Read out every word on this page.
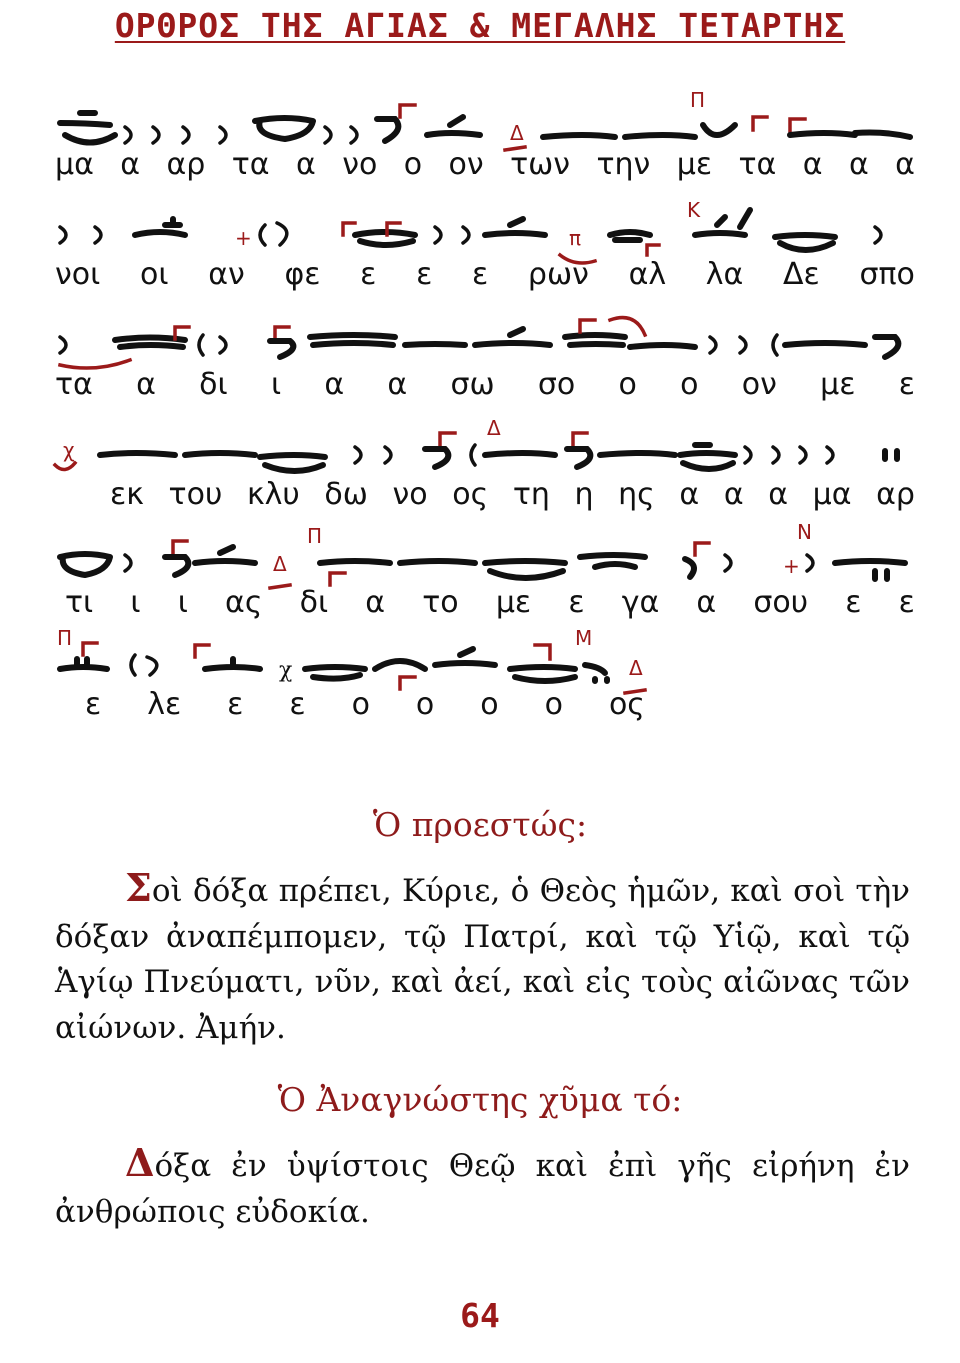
ΟΡΘΡΟΣ ΤΗΣ ΑΓΙΑΣ & ΜΕΓΑΛΗΣ ΤΕΤΑΡΤΗΣ
Δ
Π
μα α αρ τα α νο ο ον των την με τα α α α
+	π
Κ
νοι οι αν φε ε ε ε ρων αλ λα Δε σπο
τα α δι ι α α σω σο ο ο ον με ε
χ
Δ
εκ του κλυ δω νο ος τη η ης α α α μα αρ
Δ
Π
+
Ν
τι ι ι ας δι α το με ε γα α σου ε ε
Π
χ
Μ
Δ
ε λε ε ε ο ο ο ο ος
Ὁ προεστώς:
Σοὶ δόξα πρέπει, Κύριε, ὁ Θεὸς ἡμῶν, καὶ σοὶ τὴν δόξαν ἀναπέμπομεν, τῷ Πατρί, καὶ τῷ Υἱῷ, καὶ τῷ Ἁγίῳ Πνεύματι, νῦν, καὶ ἀεί, καὶ εἰς τοὺς αἰῶνας τῶν αἰώνων. Ἀμήν.
Ὁ Ἀναγνώστης χῦμα τό:
Δόξα ἐν ὑψίστοις Θεῷ καὶ ἐπὶ γῆς εἰρήνη ἐν ἀνθρώποις εὐδοκία.
64
